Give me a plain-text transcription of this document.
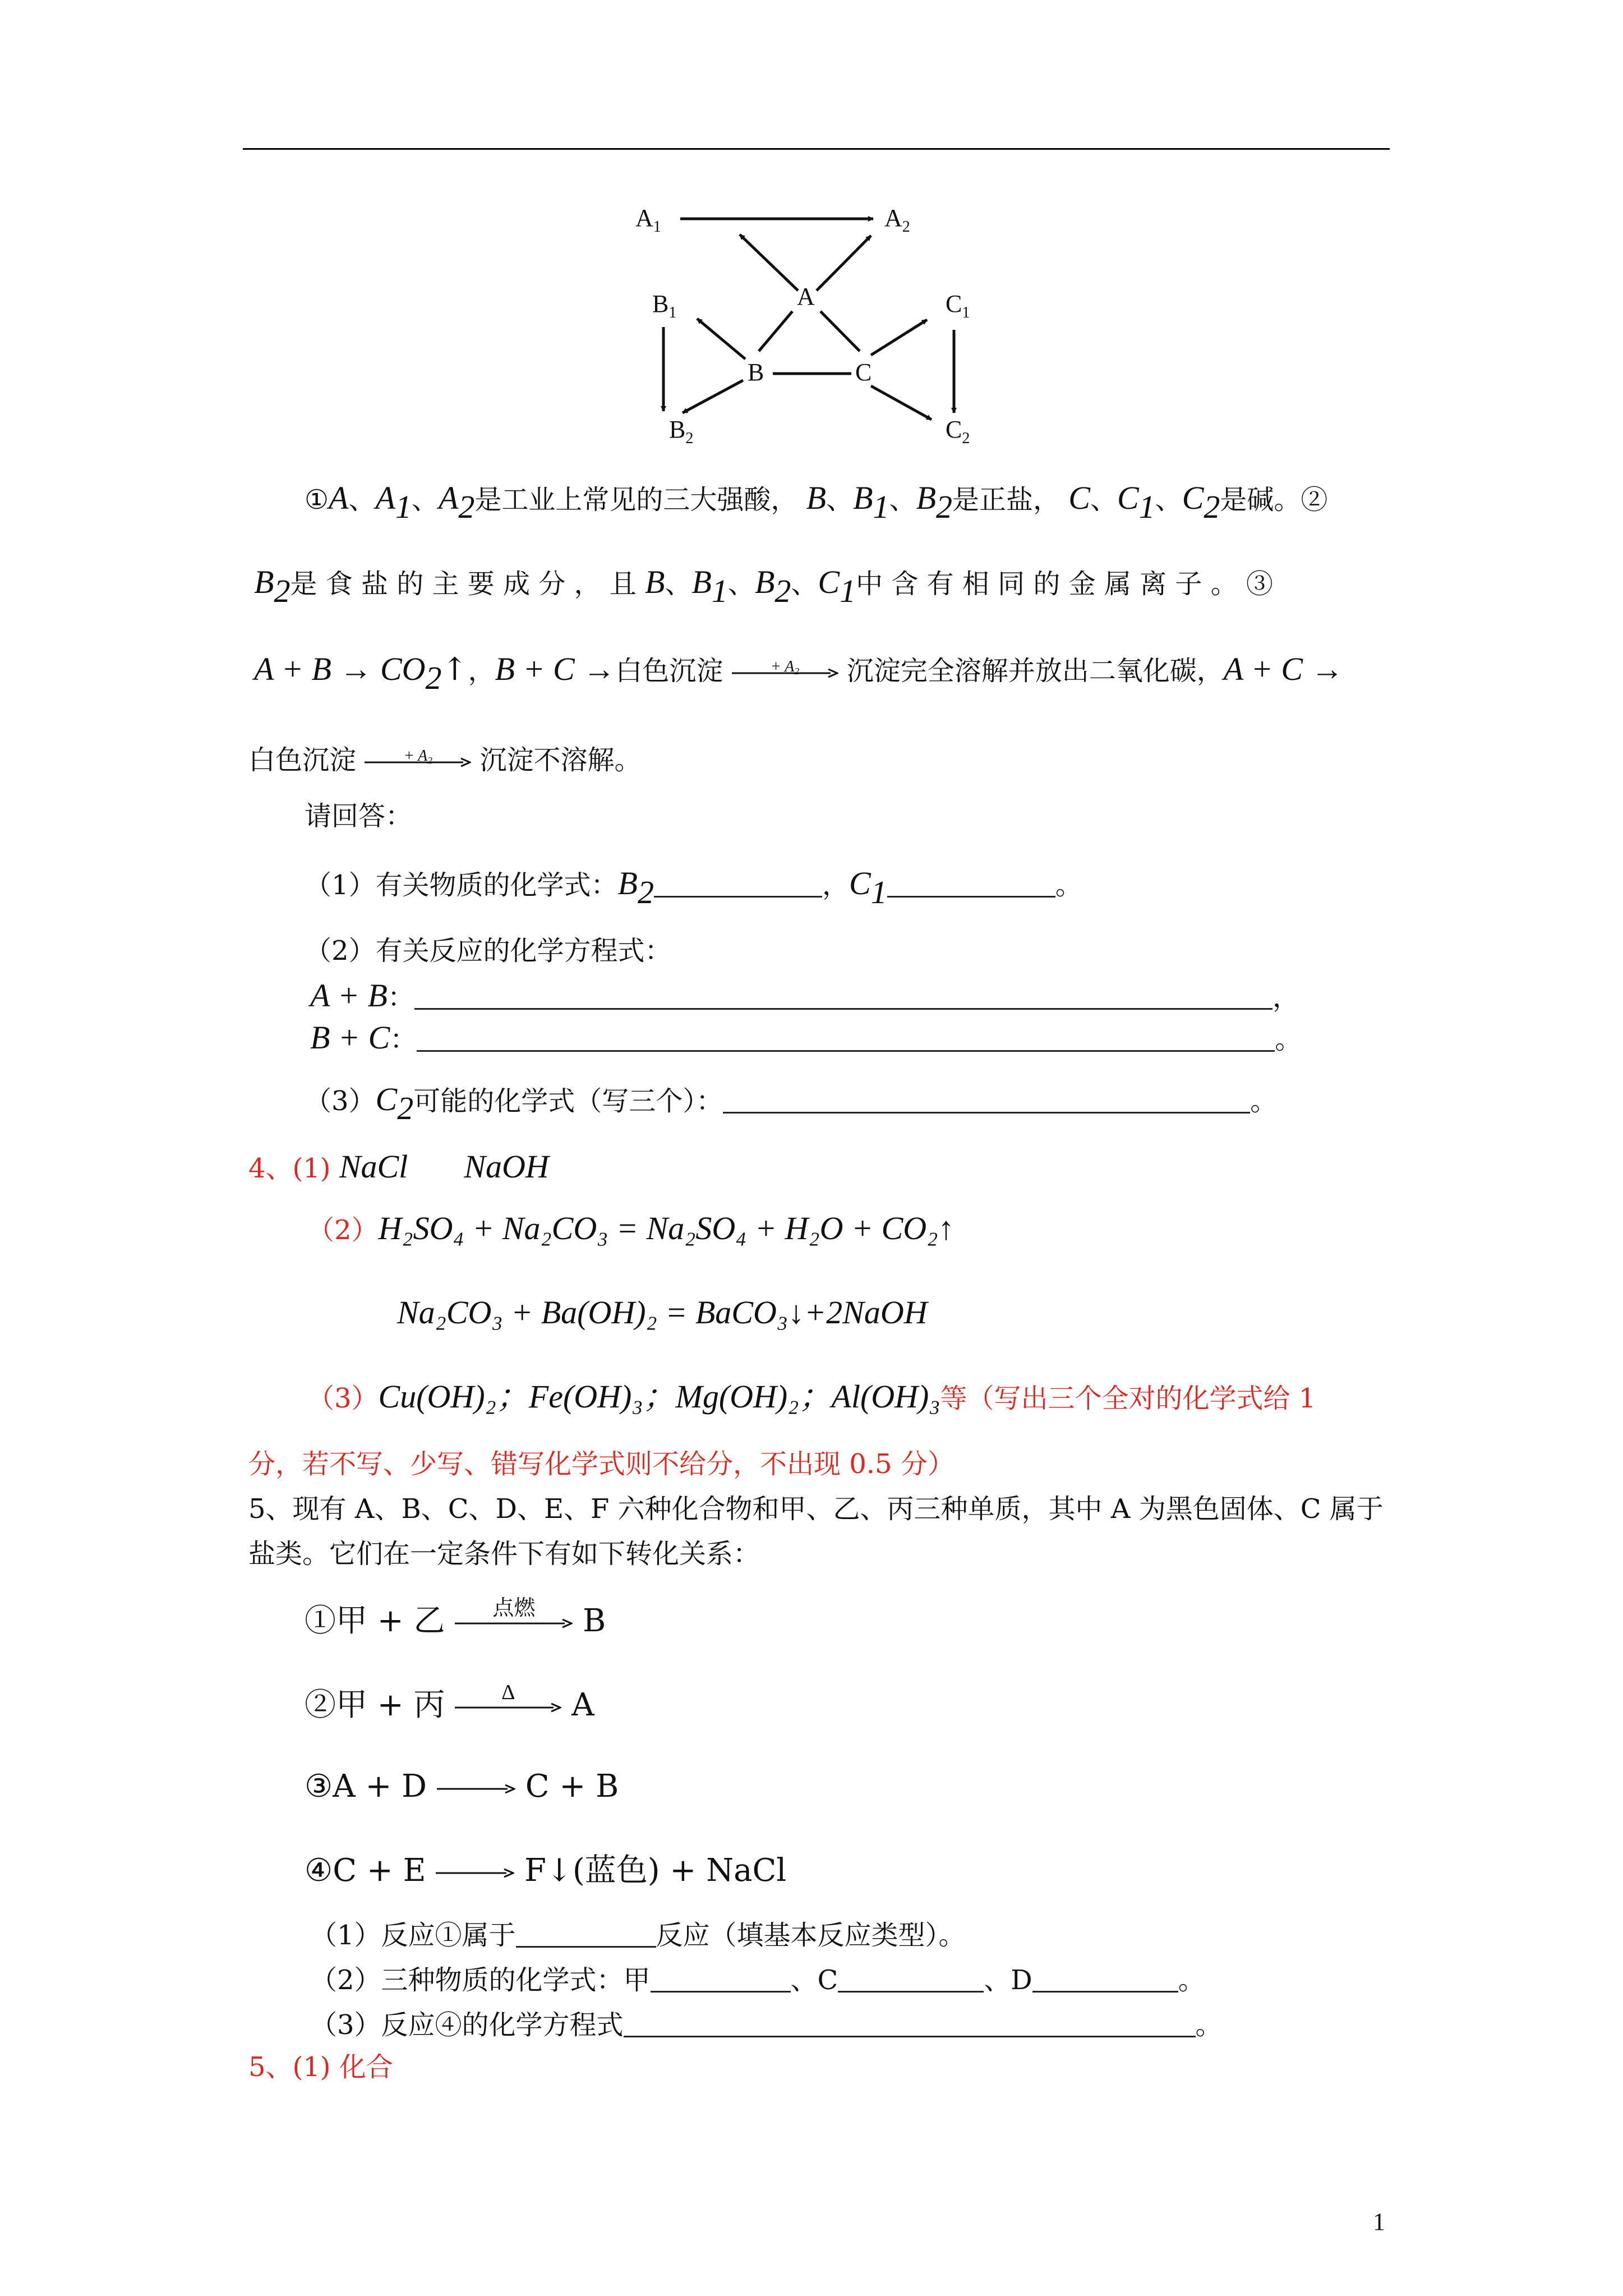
$A_1$	$A_2$
A
$B_1$
B
$B_2$
C
$C_1$
$C_2$
①A、$A_1$、$A_2$是工业上常见的三大强酸， B、$B_1$、$B_2$是正盐， C、$C_1$、$C_2$是碱。②
$B_2$是 食 盐 的 主 要 成 分 ， 且 B、$B_1$、$B_2$、$C_1$中 含 有 相 同 的 金 属 离 子 。 ③
$A + B \to CO_2↑$，B + C →白色沉淀	+ $A_2$	沉淀完全溶解并放出二氧化碳，A + C →
白色沉淀	+ $A_2$	沉淀不溶解。
请回答：
（1）有关物质的化学式：$B_2$	，$C_1$	。
（2）有关反应的化学方程式：
A + B：	，
B + C：	。
$(3)C_2$可能的化学式（写三个）：	。
4、(1) NaCl NaOH
（2）H₂SO₄ + Na₂CO₃ = Na₂SO₄ + H₂O + CO₂↑
Na₂CO₃ + Ba(OH)₂ = BaCO₃↓+2NaOH
（3）Cu(OH)₂；Fe(OH)₃；Mg(OH)₂；Al(OH)₃等（写出三个全对的化学式给 1
分，若不写、少写、错写化学式则不给分，不出现 0.5 分）
5、现有 A、B、C、D、E、F 六种化合物和甲、乙、丙三种单质，其中 A 为黑色固体、C 属于
盐类。它们在一定条件下有如下转化关系：
①甲 + 乙	点燃	B
②甲 + 丙	Δ	A
③A + D	C + B
④C + E	F↓(蓝色) + NaCl
（1）反应①属于	反应（填基本反应类型）。
（2）三种物质的化学式：甲	、C	、D	。
（3）反应④的化学方程式	。
5、(1) 化合
1
